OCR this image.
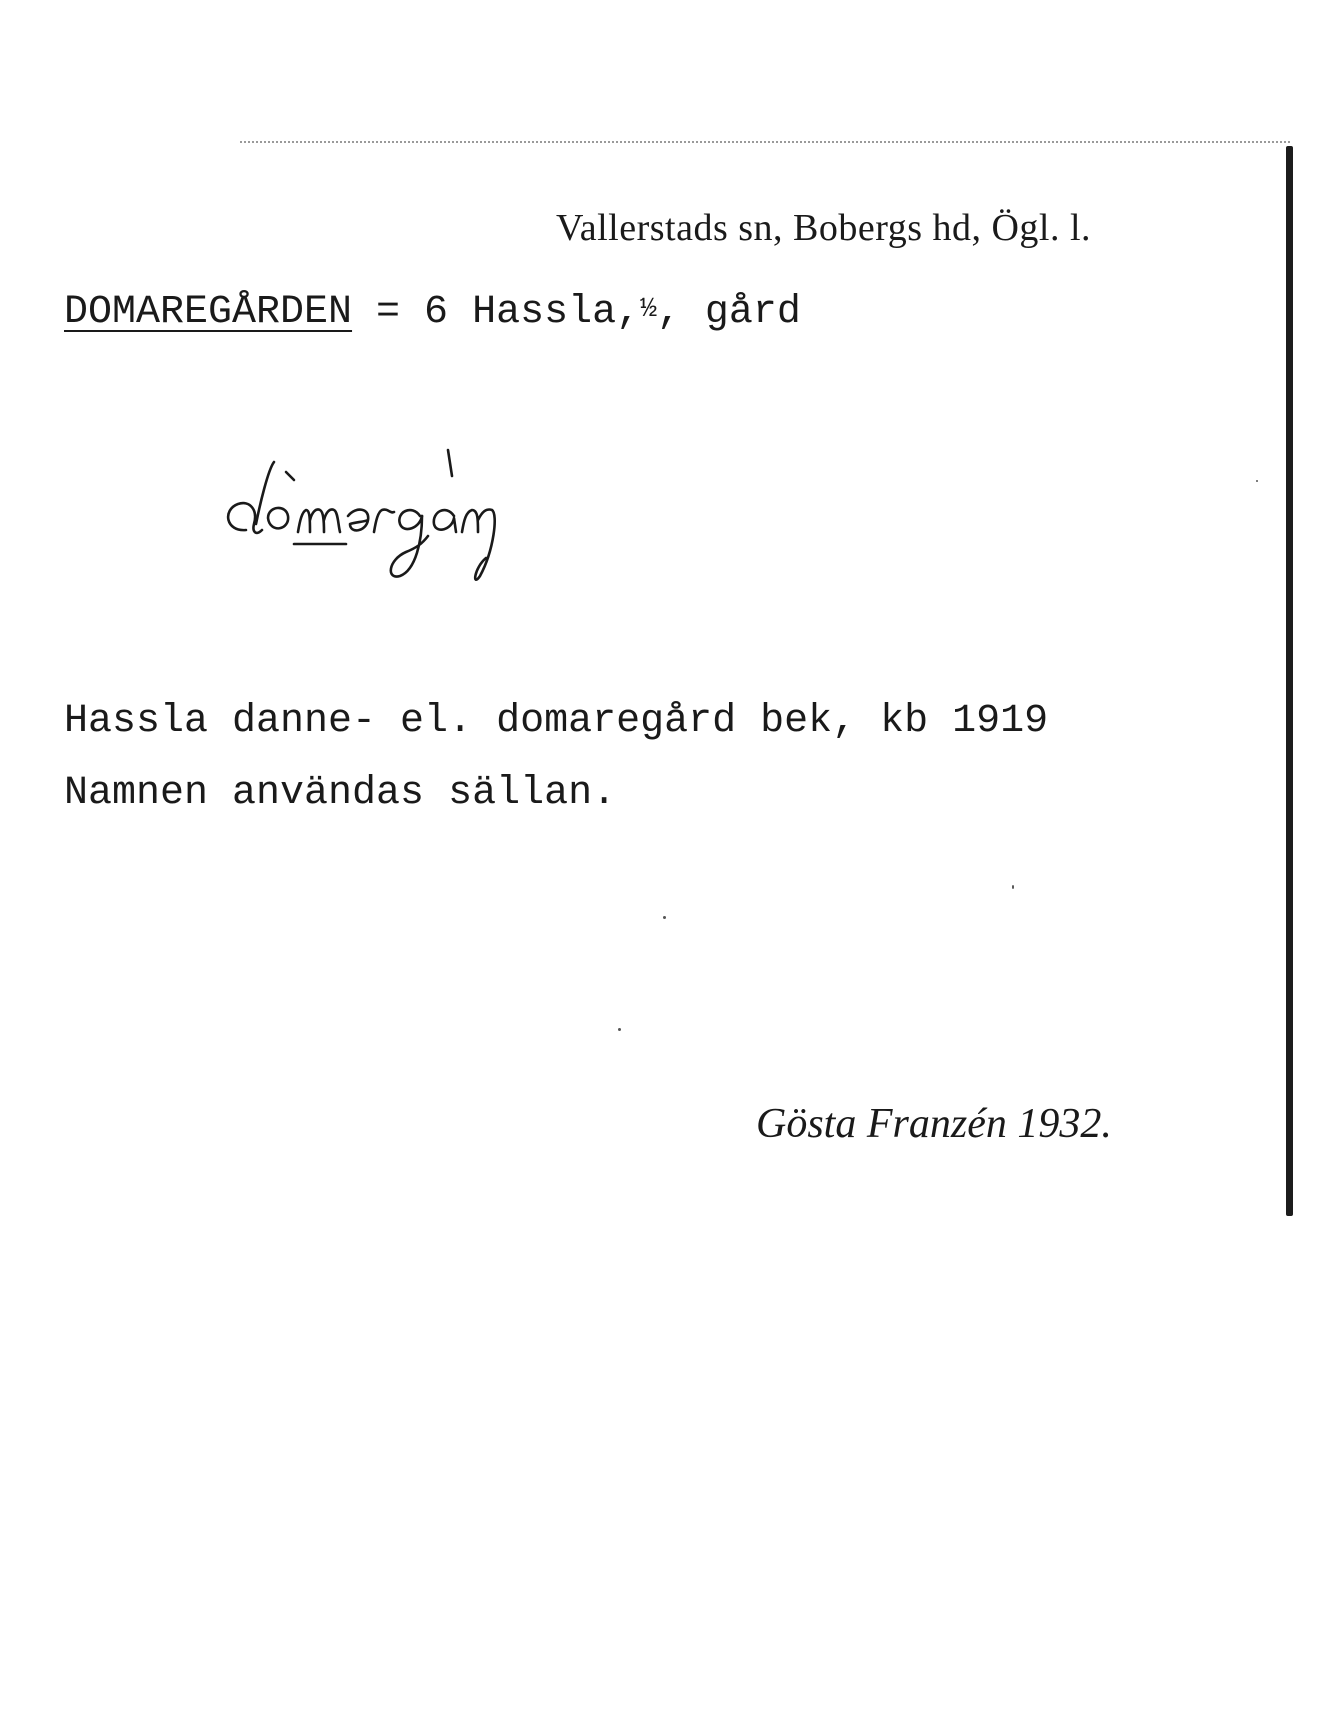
Vallerstads sn, Bobergs hd, Ögl. l.
DOMAREGÅRDEN = 6 Hassla,½, gård
Hassla danne- el. domaregård bek, kb 1919
Namnen användas sällan.
Gösta Franzén 1932.
